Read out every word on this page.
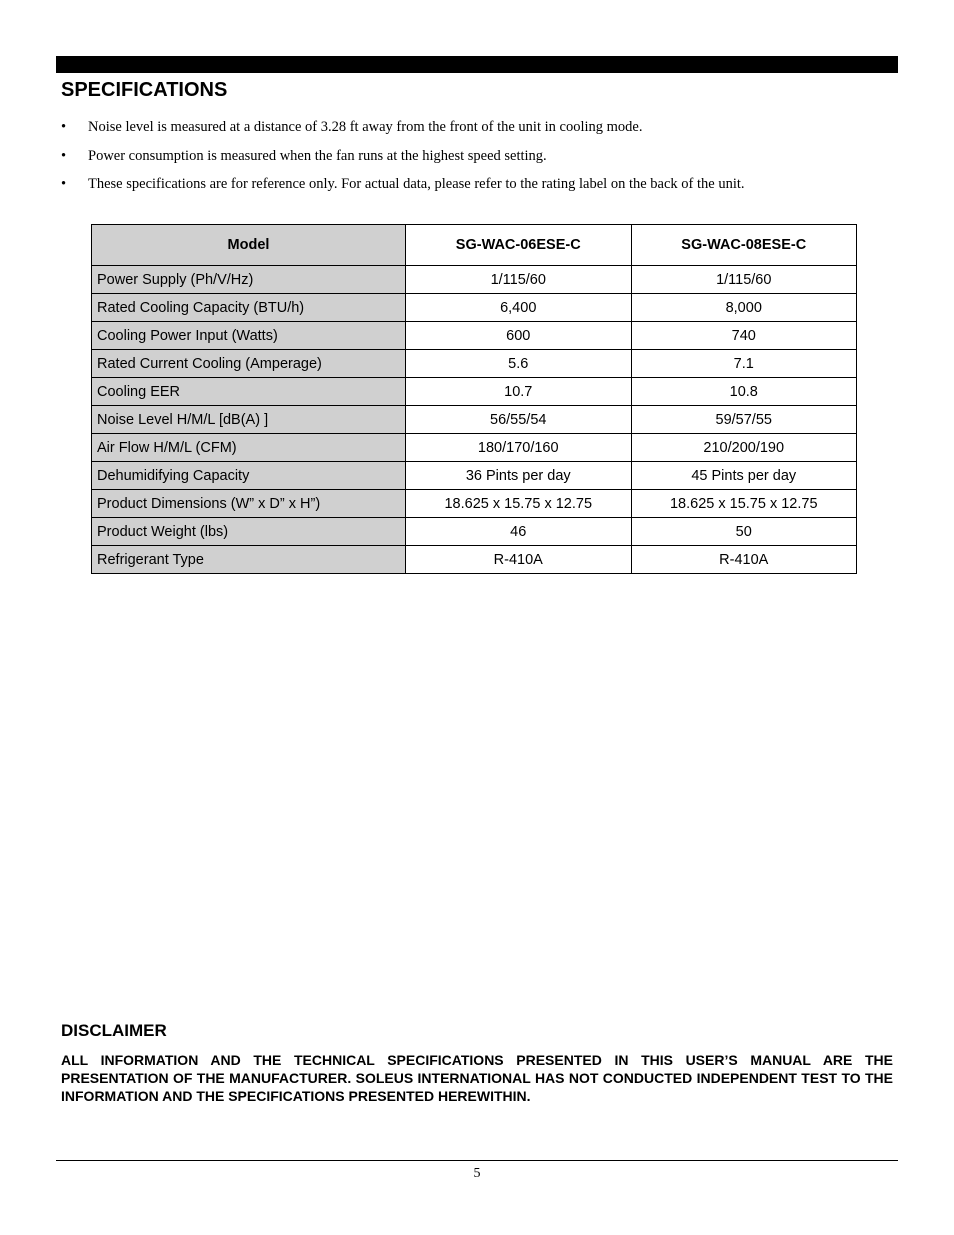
SPECIFICATIONS
• Noise level is measured at a distance of 3.28 ft away from the front of the unit in cooling mode.
• Power consumption is measured when the fan runs at the highest speed setting.
• These specifications are for reference only. For actual data, please refer to the rating label on the back of the unit.
Model	SG-WAC-06ESE-C	SG-WAC-08ESE-C
Power Supply (Ph/V/Hz)	1/115/60	1/115/60
Rated Cooling Capacity (BTU/h)	6,400	8,000
Cooling Power Input (Watts)	600	740
Rated Current Cooling (Amperage)	5.6	7.1
Cooling EER	10.7	10.8
Noise Level H/M/L [dB(A) ]	56/55/54	59/57/55
Air Flow H/M/L (CFM)	180/170/160	210/200/190
Dehumidifying Capacity	36 Pints per day	45 Pints per day
Product Dimensions (W” x D” x H”)	18.625 x 15.75 x 12.75	18.625 x 15.75 x 12.75
Product Weight (lbs)	46	50
Refrigerant Type	R-410A	R-410A
DISCLAIMER

ALL INFORMATION AND THE TECHNICAL SPECIFICATIONS PRESENTED IN THIS USER’S MANUAL ARE THE PRESENTATION OF THE MANUFACTURER. SOLEUS INTERNATIONAL HAS NOT CONDUCTED INDEPENDENT TEST TO THE INFORMATION AND THE SPECIFICATIONS PRESENTED HEREWITHIN.

5
